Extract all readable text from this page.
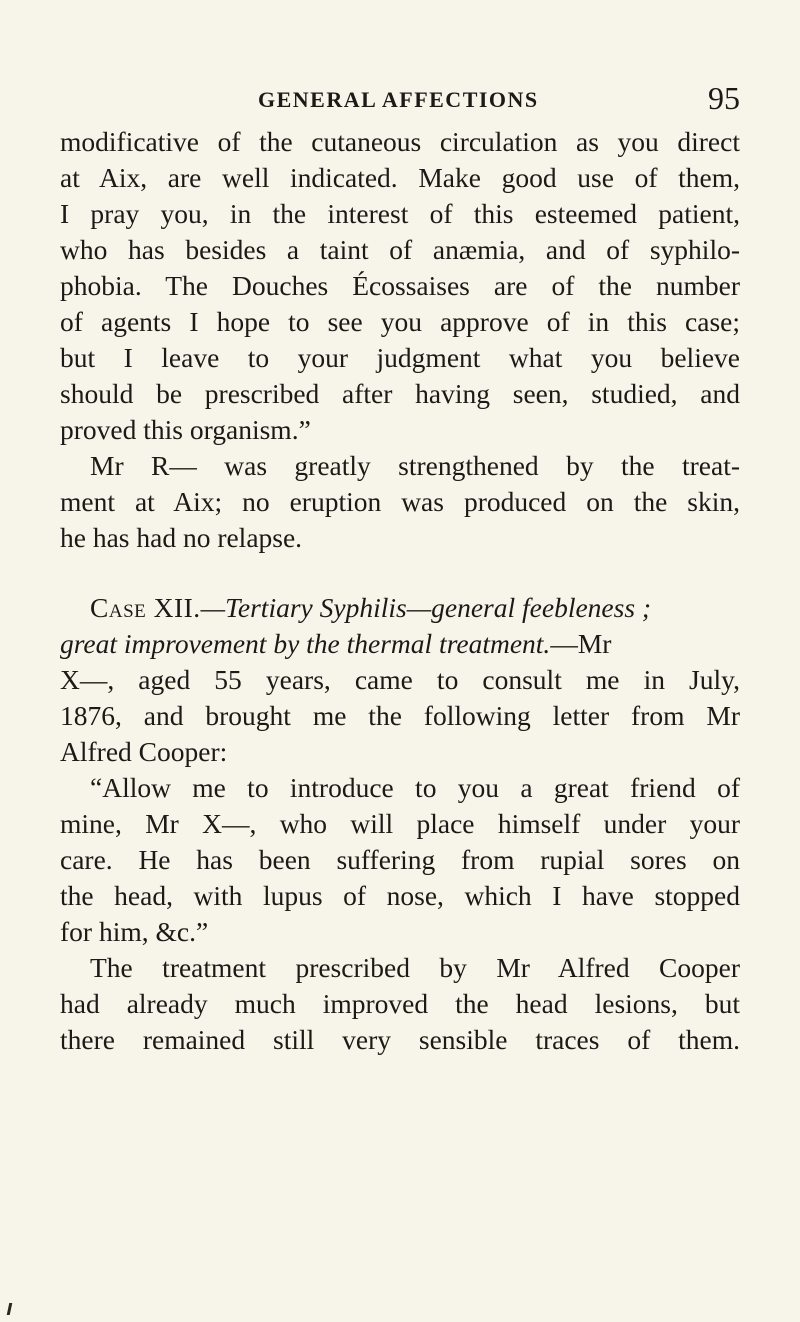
GENERAL AFFECTIONS	95
modificative of the cutaneous circulation as you direct
at Aix, are well indicated. Make good use of them,
I pray you, in the interest of this esteemed patient,
who has besides a taint of anæmia, and of syphilo-
phobia. The Douches Écossaises are of the number
of agents I hope to see you approve of in this case;
but I leave to your judgment what you believe
should be prescribed after having seen, studied, and
proved this organism.”
Mr R— was greatly strengthened by the treat-
ment at Aix; no eruption was produced on the skin,
he has had no relapse.
Case XII.—Tertiary Syphilis—general feebleness ;
great improvement by the thermal treatment.—Mr
X—, aged 55 years, came to consult me in July,
1876, and brought me the following letter from Mr
Alfred Cooper:
“Allow me to introduce to you a great friend of
mine, Mr X—, who will place himself under your
care. He has been suffering from rupial sores on
the head, with lupus of nose, which I have stopped
for him, &c.”
The treatment prescribed by Mr Alfred Cooper
had already much improved the head lesions, but
there remained still very sensible traces of them.
